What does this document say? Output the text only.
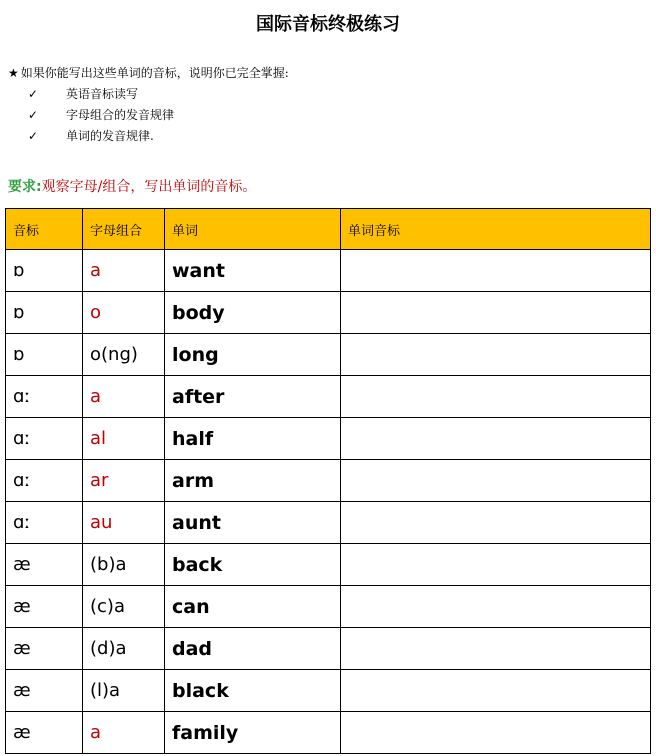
国际音标终极练习
★ 如果你能写出这些单词的音标，说明你已完全掌握:
✓	英语音标读写
✓	字母组合的发音规律
✓	单词的发音规律.
要求:观察字母/组合，写出单词的音标。
音标	字母组合	单词	单词音标
ɒ	a	want	
ɒ	o	body	
ɒ	o(ng)	long	
ɑː	a	after	
ɑː	al	half	
ɑː	ar	arm	
ɑː	au	aunt	
æ	(b)a	back	
æ	(c)a	can	
æ	(d)a	dad	
æ	(l)a	black	
æ	a	family	
